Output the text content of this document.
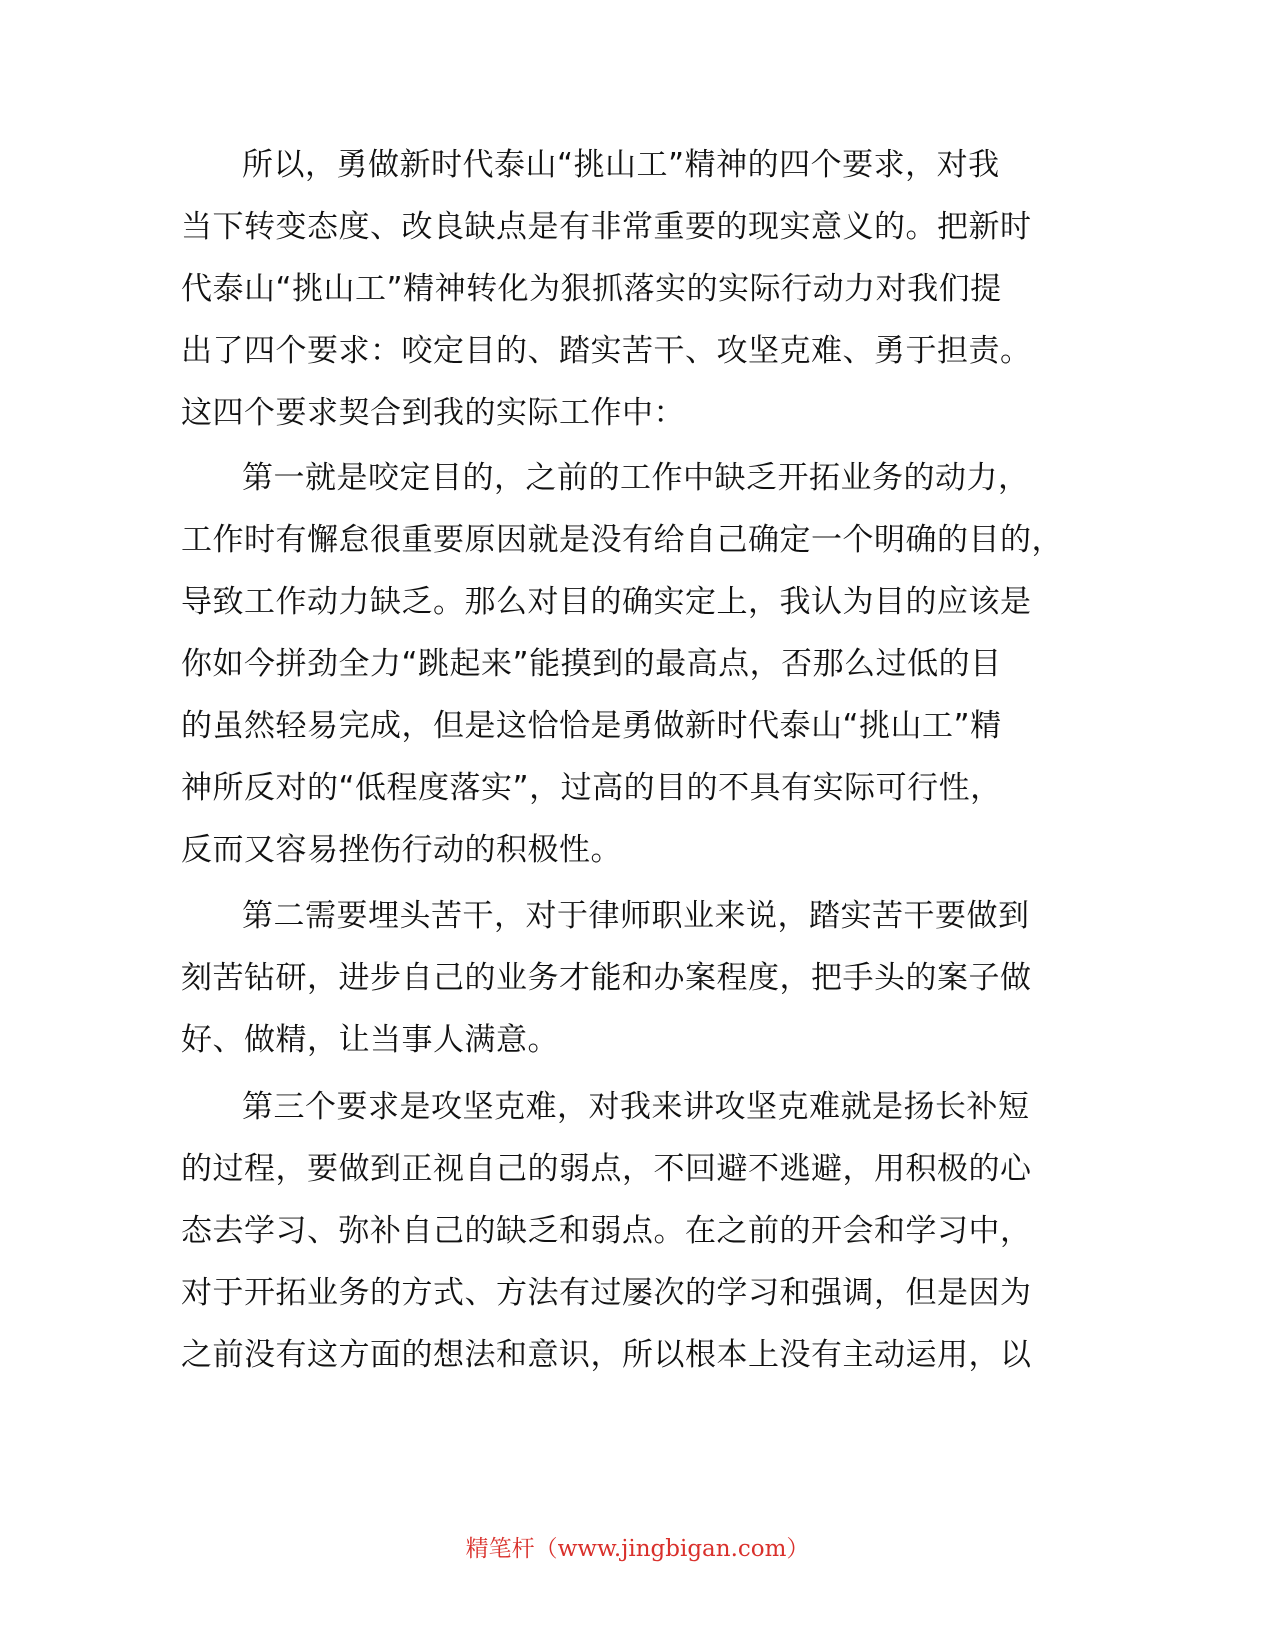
所以，勇做新时代泰山“挑山工”精神的四个要求，对我
当下转变态度、改良缺点是有非常重要的现实意义的。把新时
代泰山“挑山工”精神转化为狠抓落实的实际行动力对我们提
出了四个要求：咬定目的、踏实苦干、攻坚克难、勇于担责。
这四个要求契合到我的实际工作中：
第一就是咬定目的，之前的工作中缺乏开拓业务的动力，
工作时有懈怠很重要原因就是没有给自己确定一个明确的目的，
导致工作动力缺乏。那么对目的确实定上，我认为目的应该是
你如今拼劲全力“跳起来”能摸到的最高点，否那么过低的目
的虽然轻易完成，但是这恰恰是勇做新时代泰山“挑山工”精
神所反对的“低程度落实”，过高的目的不具有实际可行性，
反而又容易挫伤行动的积极性。
第二需要埋头苦干，对于律师职业来说，踏实苦干要做到
刻苦钻研，进步自己的业务才能和办案程度，把手头的案子做
好、做精，让当事人满意。
第三个要求是攻坚克难，对我来讲攻坚克难就是扬长补短
的过程，要做到正视自己的弱点，不回避不逃避，用积极的心
态去学习、弥补自己的缺乏和弱点。在之前的开会和学习中，
对于开拓业务的方式、方法有过屡次的学习和强调，但是因为
之前没有这方面的想法和意识，所以根本上没有主动运用，以
精笔杆（www.jingbigan.com）
